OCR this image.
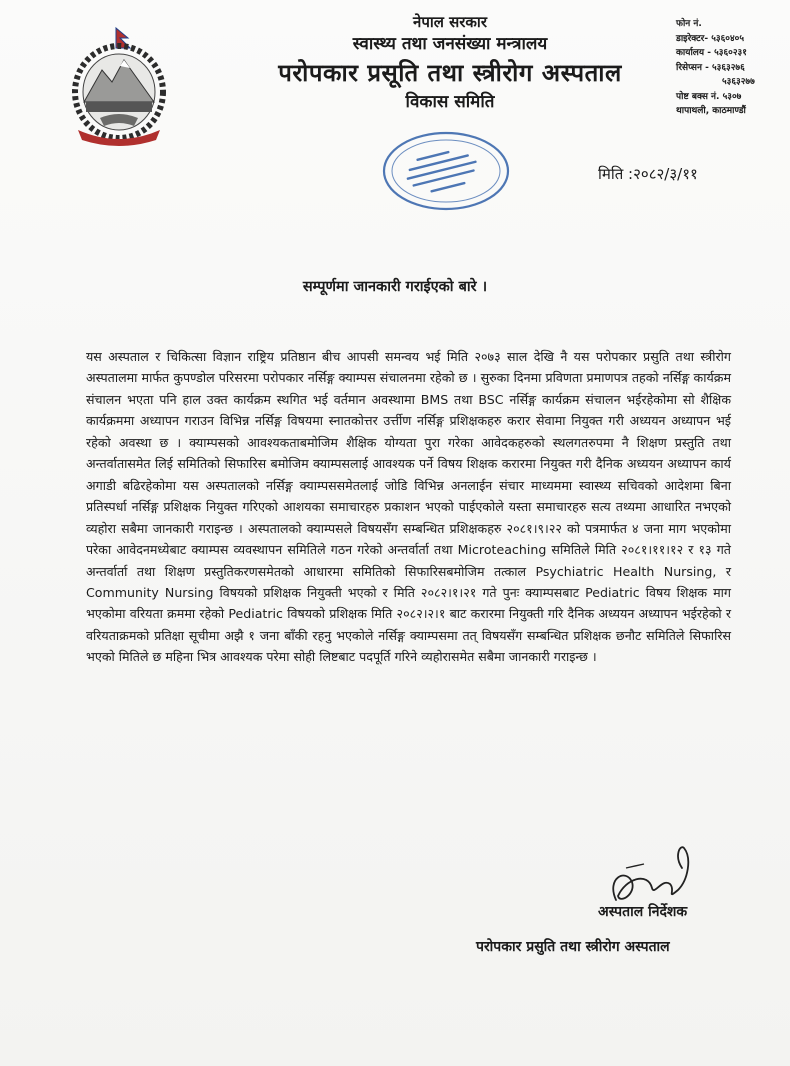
नेपाल सरकार
स्वास्थ्य तथा जनसंख्या मन्त्रालय
परोपकार प्रसूति तथा स्त्रीरोग अस्पताल
विकास समिति
फोन नं.
डाइरेक्टर- ५३६०४०५
कार्यालय - ५३६०२३१
रिसेप्सन - ५३६३२७६
५३६३२७७
पोष्ट बक्स नं. ५३०७
थापाथली, काठमाण्डौं
मिति :२०८२/३/११
सम्पूर्णमा जानकारी गराईएको बारे ।
यस अस्पताल र चिकित्सा विज्ञान राष्ट्रिय प्रतिष्ठान बीच आपसी समन्वय भई मिति २०७३ साल देखि नै यस परोपकार प्रसुति तथा स्त्रीरोग अस्पतालमा मार्फत कुपण्डोल परिसरमा परोपकार नर्सिङ्ग क्याम्पस संचालनमा रहेको छ । सुरुका दिनमा प्रविणता प्रमाणपत्र तहको नर्सिङ्ग कार्यक्रम संचालन भएता पनि हाल उक्त कार्यक्रम स्थगित भई वर्तमान अवस्थामा BMS तथा BSC नर्सिङ्ग कार्यक्रम संचालन भईरहेकोमा सो शैक्षिक कार्यक्रममा अध्यापन गराउन विभिन्न नर्सिङ्ग विषयमा स्नातकोत्तर उर्त्तीण नर्सिङ्ग प्रशिक्षकहरु करार सेवामा नियुक्त गरी अध्ययन अध्यापन भई रहेको अवस्था छ । क्याम्पसको आवश्यकताबमोजिम शैक्षिक योग्यता पुरा गरेका आवेदकहरुको स्थलगतरुपमा नै शिक्षण प्रस्तुति तथा अन्तर्वातासमेत लिई समितिको सिफारिस बमोजिम क्याम्पसलाई आवश्यक पर्ने विषय शिक्षक करारमा नियुक्त गरी दैनिक अध्ययन अध्यापन कार्य अगाडी बढिरहेकोमा यस अस्पतालको नर्सिङ्ग क्याम्पससमेतलाई जोडि विभिन्न अनलाईन संचार माध्यममा स्वास्थ्य सचिवको आदेशमा बिना प्रतिस्पर्धा नर्सिङ्ग प्रशिक्षक नियुक्त गरिएको आशयका समाचारहरु प्रकाशन भएको पाईएकोले यस्ता समाचारहरु सत्य तथ्यमा आधारित नभएको व्यहोरा सबैमा जानकारी गराइन्छ । अस्पतालको क्याम्पसले विषयसँग सम्बन्धित प्रशिक्षकहरु २०८१।९।२२ को पत्रमार्फत ४ जना माग भएकोमा परेका आवेदनमध्येबाट क्याम्पस व्यवस्थापन समितिले गठन गरेको अन्तर्वार्ता तथा Microteaching समितिले मिति २०८१।११।१२ र १३ गते अन्तर्वार्ता तथा शिक्षण प्रस्तुतिकरणसमेतको आधारमा समितिको सिफारिसबमोजिम तत्काल Psychiatric Health Nursing, र Community Nursing विषयको प्रशिक्षक नियुक्ती भएको र मिति २०८२।१।२१ गते पुनः क्याम्पसबाट Pediatric विषय शिक्षक माग भएकोमा वरियता क्रममा रहेको Pediatric विषयको प्रशिक्षक मिति २०८२।२।१ बाट करारमा नियुक्ती गरि दैनिक अध्ययन अध्यापन भईरहेको र वरियताक्रमको प्रतिक्षा सूचीमा अझै १ जना बाँकी रहनु भएकोले नर्सिङ्ग क्याम्पसमा तत् विषयसँग सम्बन्धित प्रशिक्षक छनौट समितिले सिफारिस भएको मितिले छ महिना भित्र आवश्यक परेमा सोही लिष्टबाट पदपूर्ति गरिने व्यहोरासमेत सबैमा जानकारी गराइन्छ ।
अस्पताल निर्देशक
परोपकार प्रसुति तथा स्त्रीरोग अस्पताल
